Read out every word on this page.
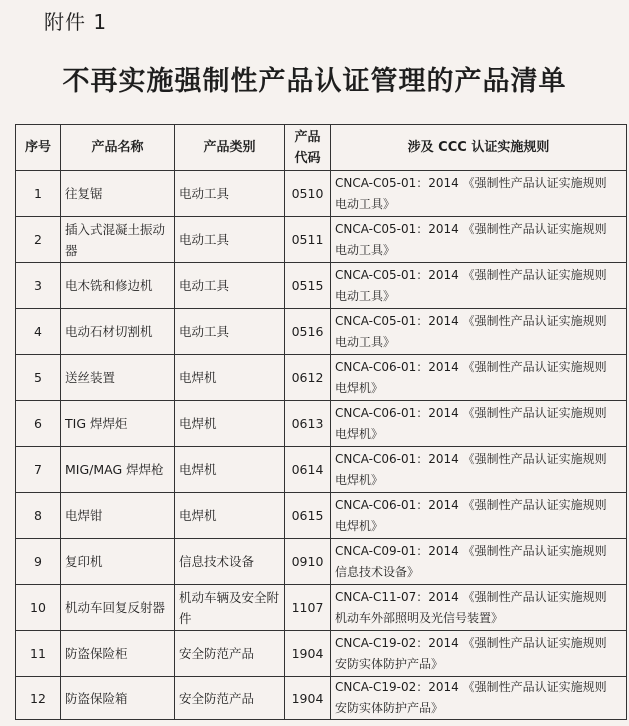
附件 1
不再实施强制性产品认证管理的产品清单
序号	产品名称	产品类别	产品代码	涉及 CCC 认证实施规则
1	往复锯	电动工具	0510	CNCA-C05-01：2014 《强制性产品认证实施规则 电动工具》
2	插入式混凝土振动器	电动工具	0511	CNCA-C05-01：2014 《强制性产品认证实施规则 电动工具》
3	电木铣和修边机	电动工具	0515	CNCA-C05-01：2014 《强制性产品认证实施规则 电动工具》
4	电动石材切割机	电动工具	0516	CNCA-C05-01：2014 《强制性产品认证实施规则 电动工具》
5	送丝装置	电焊机	0612	CNCA-C06-01：2014 《强制性产品认证实施规则 电焊机》
6	TIG 焊焊炬	电焊机	0613	CNCA-C06-01：2014 《强制性产品认证实施规则 电焊机》
7	MIG/MAG 焊焊枪	电焊机	0614	CNCA-C06-01：2014 《强制性产品认证实施规则 电焊机》
8	电焊钳	电焊机	0615	CNCA-C06-01：2014 《强制性产品认证实施规则 电焊机》
9	复印机	信息技术设备	0910	CNCA-C09-01：2014 《强制性产品认证实施规则 信息技术设备》
10	机动车回复反射器	机动车辆及安全附件	1107	CNCA-C11-07：2014 《强制性产品认证实施规则 机动车外部照明及光信号装置》
11	防盗保险柜	安全防范产品	1904	CNCA-C19-02：2014 《强制性产品认证实施规则 安防实体防护产品》
12	防盗保险箱	安全防范产品	1904	CNCA-C19-02：2014 《强制性产品认证实施规则 安防实体防护产品》
